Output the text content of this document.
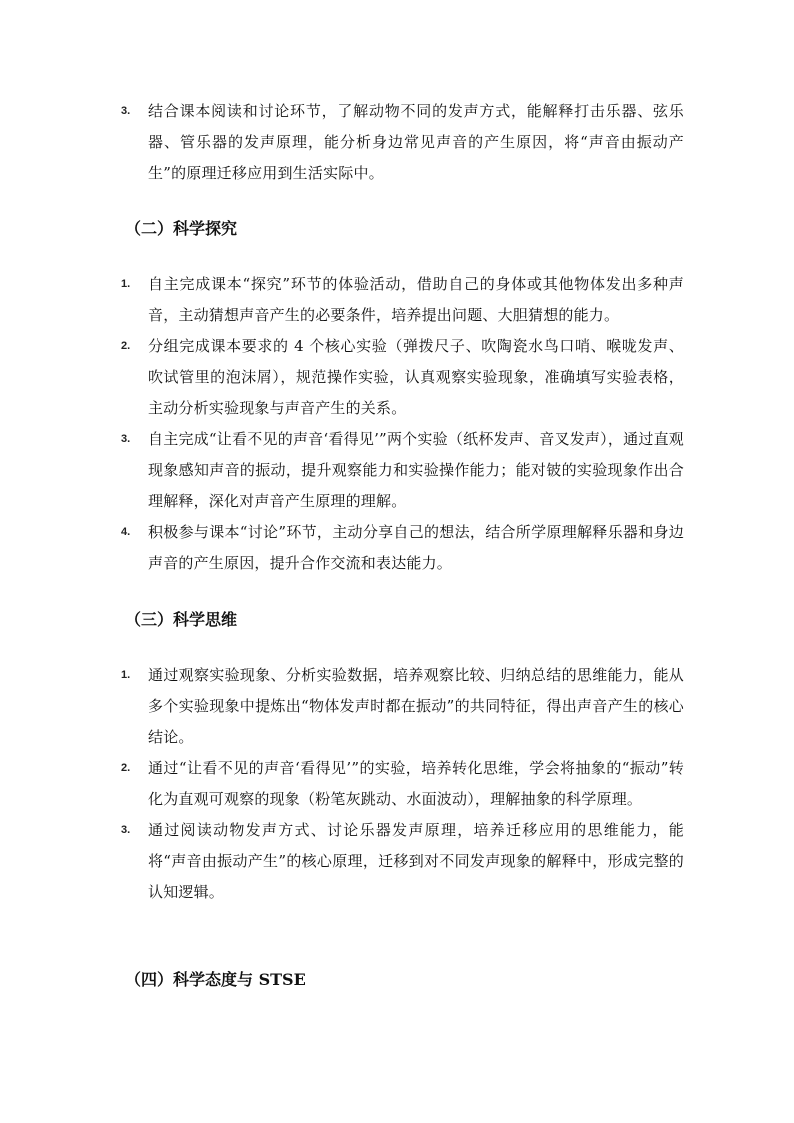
3. 结合课本阅读和讨论环节，了解动物不同的发声方式，能解释打击乐器、弦乐器、管乐器的发声原理，能分析身边常见声音的产生原因，将“声音由振动产生”的原理迁移应用到生活实际中。
（二）科学探究
1. 自主完成课本“探究”环节的体验活动，借助自己的身体或其他物体发出多种声音，主动猜想声音产生的必要条件，培养提出问题、大胆猜想的能力。
2. 分组完成课本要求的 4 个核心实验（弹拨尺子、吹陶瓷水鸟口哨、喉咙发声、吹试管里的泡沫屑），规范操作实验，认真观察实验现象，准确填写实验表格，主动分析实验现象与声音产生的关系。
3. 自主完成“让看不见的声音‘看得见’”两个实验（纸杯发声、音叉发声），通过直观现象感知声音的振动，提升观察能力和实验操作能力；能对铍的实验现象作出合理解释，深化对声音产生原理的理解。
4. 积极参与课本“讨论”环节，主动分享自己的想法，结合所学原理解释乐器和身边声音的产生原因，提升合作交流和表达能力。
（三）科学思维
1. 通过观察实验现象、分析实验数据，培养观察比较、归纳总结的思维能力，能从多个实验现象中提炼出“物体发声时都在振动”的共同特征，得出声音产生的核心结论。
2. 通过“让看不见的声音‘看得见’”的实验，培养转化思维，学会将抽象的“振动”转化为直观可观察的现象（粉笔灰跳动、水面波动），理解抽象的科学原理。
3. 通过阅读动物发声方式、讨论乐器发声原理，培养迁移应用的思维能力，能将“声音由振动产生”的核心原理，迁移到对不同发声现象的解释中，形成完整的认知逻辑。
（四）科学态度与 STSE
